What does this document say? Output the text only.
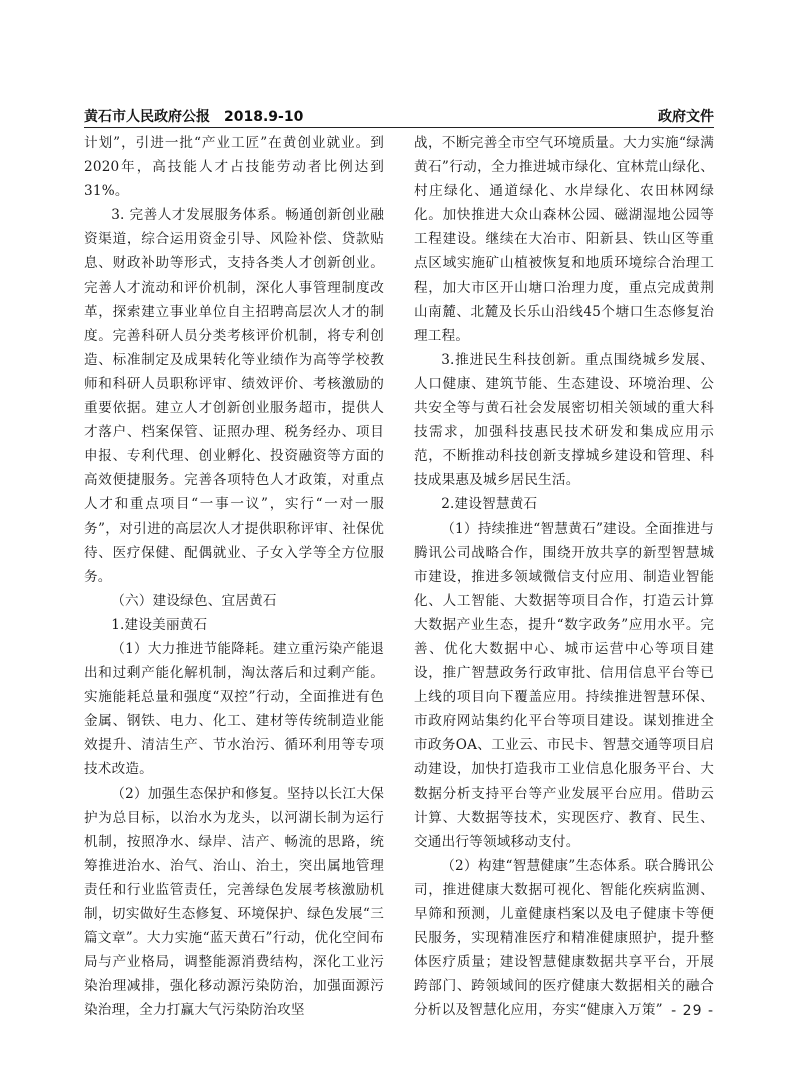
黄石市人民政府公报　2018.9-10	政府文件

计划”，引进一批“产业工匠”在黄创业就业。到2020年，高技能人才占技能劳动者比例达到31%。

3. 完善人才发展服务体系。畅通创新创业融资渠道，综合运用资金引导、风险补偿、贷款贴息、财政补助等形式，支持各类人才创新创业。完善人才流动和评价机制，深化人事管理制度改革，探索建立事业单位自主招聘高层次人才的制度。完善科研人员分类考核评价机制，将专利创造、标准制定及成果转化等业绩作为高等学校教师和科研人员职称评审、绩效评价、考核激励的重要依据。建立人才创新创业服务超市，提供人才落户、档案保管、证照办理、税务经办、项目申报、专利代理、创业孵化、投资融资等方面的高效便捷服务。完善各项特色人才政策，对重点人才和重点项目“一事一议”，实行“一对一服务”，对引进的高层次人才提供职称评审、社保优待、医疗保健、配偶就业、子女入学等全方位服务。

（六）建设绿色、宜居黄石

1.建设美丽黄石

（1）大力推进节能降耗。建立重污染产能退出和过剩产能化解机制，淘汰落后和过剩产能。实施能耗总量和强度“双控”行动，全面推进有色金属、钢铁、电力、化工、建材等传统制造业能效提升、清洁生产、节水治污、循环利用等专项技术改造。

（2）加强生态保护和修复。坚持以长江大保护为总目标，以治水为龙头，以河湖长制为运行机制，按照净水、绿岸、洁产、畅流的思路，统筹推进治水、治气、治山、治土，突出属地管理责任和行业监管责任，完善绿色发展考核激励机制，切实做好生态修复、环境保护、绿色发展“三篇文章”。大力实施“蓝天黄石”行动，优化空间布局与产业格局，调整能源消费结构，深化工业污染治理减排，强化移动源污染防治，加强面源污染治理，全力打赢大气污染防治攻坚

战，不断完善全市空气环境质量。大力实施“绿满黄石”行动，全力推进城市绿化、宜林荒山绿化、村庄绿化、通道绿化、水岸绿化、农田林网绿化。加快推进大众山森林公园、磁湖湿地公园等工程建设。继续在大冶市、阳新县、铁山区等重点区域实施矿山植被恢复和地质环境综合治理工程，加大市区开山塘口治理力度，重点完成黄荆山南麓、北麓及长乐山沿线45个塘口生态修复治理工程。

3.推进民生科技创新。重点围绕城乡发展、人口健康、建筑节能、生态建设、环境治理、公共安全等与黄石社会发展密切相关领域的重大科技需求，加强科技惠民技术研发和集成应用示范，不断推动科技创新支撑城乡建设和管理、科技成果惠及城乡居民生活。

2.建设智慧黄石

（1）持续推进“智慧黄石”建设。全面推进与腾讯公司战略合作，围绕开放共享的新型智慧城市建设，推进多领域微信支付应用、制造业智能化、人工智能、大数据等项目合作，打造云计算大数据产业生态，提升“数字政务”应用水平。完善、优化大数据中心、城市运营中心等项目建设，推广智慧政务行政审批、信用信息平台等已上线的项目向下覆盖应用。持续推进智慧环保、市政府网站集约化平台等项目建设。谋划推进全市政务OA、工业云、市民卡、智慧交通等项目启动建设，加快打造我市工业信息化服务平台、大数据分析支持平台等产业发展平台应用。借助云计算、大数据等技术，实现医疗、教育、民生、交通出行等领域移动支付。

（2）构建“智慧健康”生态体系。联合腾讯公司，推进健康大数据可视化、智能化疾病监测、早筛和预测，儿童健康档案以及电子健康卡等便民服务，实现精准医疗和精准健康照护，提升整体医疗质量；建设智慧健康数据共享平台，开展跨部门、跨领域间的医疗健康大数据相关的融合分析以及智慧化应用，夯实“健康入万策” - 29 -
